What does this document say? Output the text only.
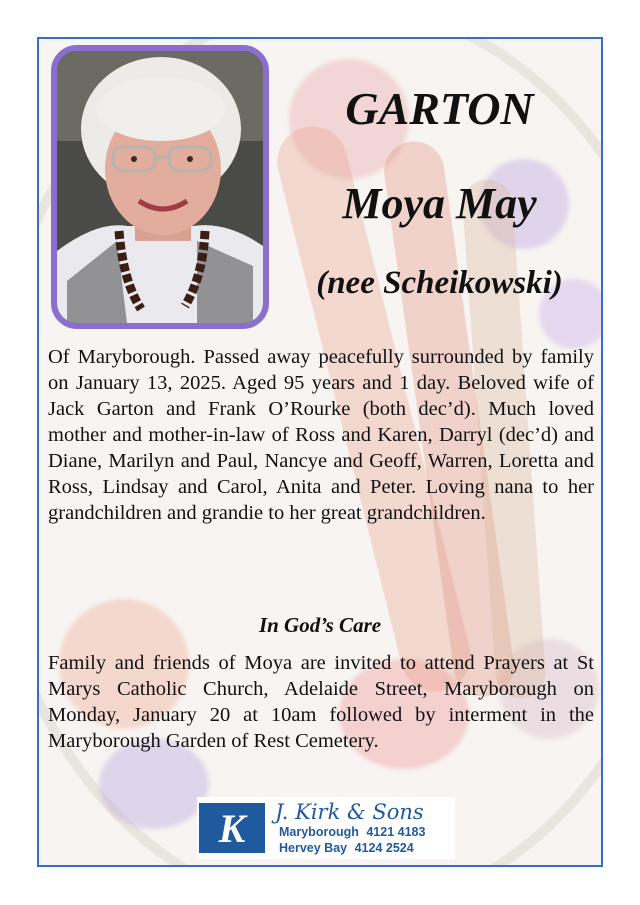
GARTON
Moya May
(nee Scheikowski)
Of Maryborough. Passed away peacefully surrounded by family on January 13, 2025. Aged 95 years and 1 day. Beloved wife of Jack Garton and Frank O’Rourke (both dec’d). Much loved mother and mother-in-law of Ross and Karen, Darryl (dec’d) and Diane, Marilyn and Paul, Nancye and Geoff, Warren, Loretta and Ross, Lindsay and Carol, Anita and Peter. Loving nana to her grandchildren and grandie to her great grandchildren.
In God’s Care
Family and friends of Moya are invited to attend Prayers at St Marys Catholic Church, Adelaide Street, Maryborough on Monday, January 20 at 10am followed by interment in the Maryborough Garden of Rest Cemetery.
K	J. Kirk & Sons
Maryborough 4121 4183
Hervey Bay 4124 2524
